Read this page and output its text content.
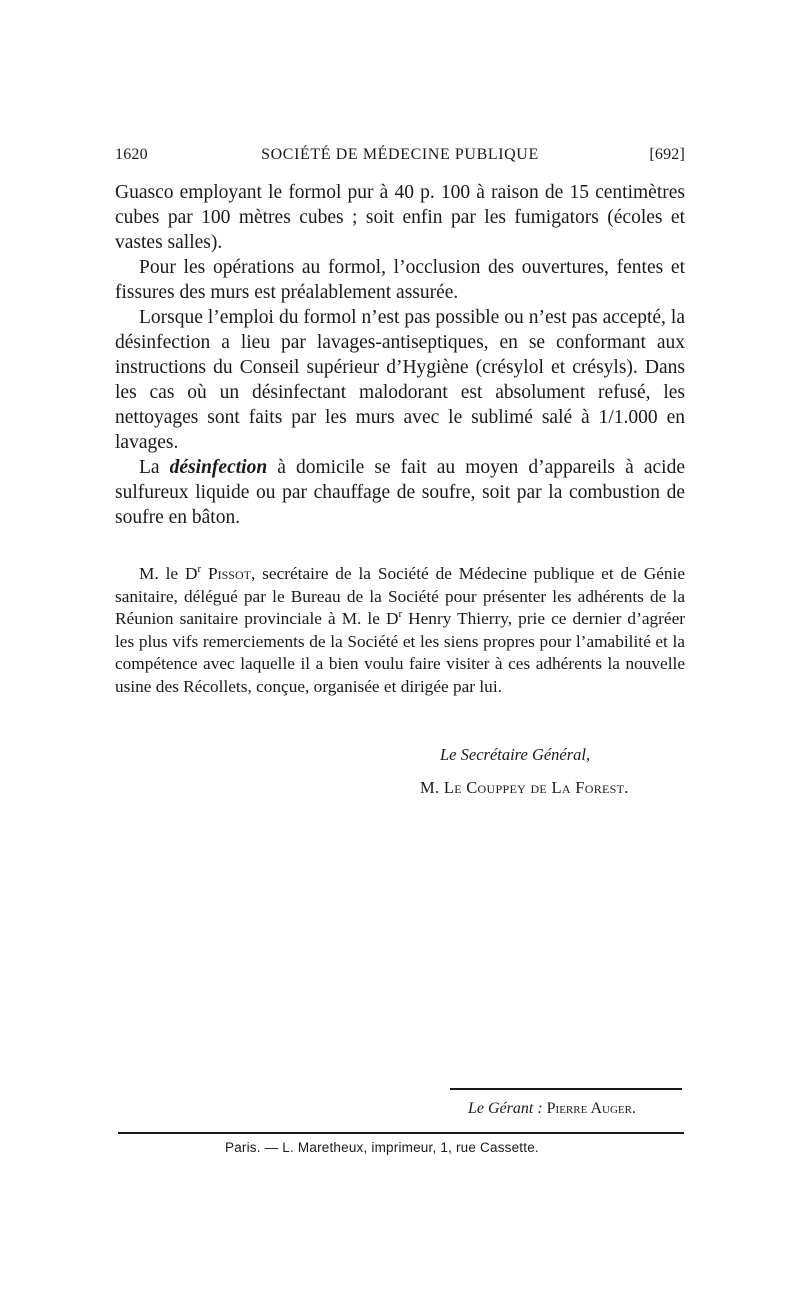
1620	SOCIÉTÉ DE MÉDECINE PUBLIQUE	[692]

Guasco employant le formol pur à 40 p. 100 à raison de 15 centimètres cubes par 100 mètres cubes ; soit enfin par les fumigators (écoles et vastes salles).

Pour les opérations au formol, l’occlusion des ouvertures, fentes et fissures des murs est préalablement assurée.

Lorsque l’emploi du formol n’est pas possible ou n’est pas accepté, la désinfection a lieu par lavages-antiseptiques, en se conformant aux instructions du Conseil supérieur d’Hygiène (crésylol et crésyls). Dans les cas où un désinfectant malodorant est absolument refusé, les nettoyages sont faits par les murs avec le sublimé salé à 1/1.000 en lavages.

La désinfection à domicile se fait au moyen d’appareils à acide sulfureux liquide ou par chauffage de soufre, soit par la combustion de soufre en bâton.

M. le $D^r$ Pissot, secrétaire de la Société de Médecine publique et de Génie sanitaire, délégué par le Bureau de la Société pour présenter les adhérents de la Réunion sanitaire provinciale à M. le $D^r$ Henry Thierry, prie ce dernier d’agréer les plus vifs remerciements de la Société et les siens propres pour l’amabilité et la compétence avec laquelle il a bien voulu faire visiter à ces adhérents la nouvelle usine des Récollets, conçue, organisée et dirigée par lui.

Le Secrétaire Général,
M. Le Couppey de La Forest.
Le Gérant : Pierre Auger.
Paris. — L. Maretheux, imprimeur, 1, rue Cassette.
